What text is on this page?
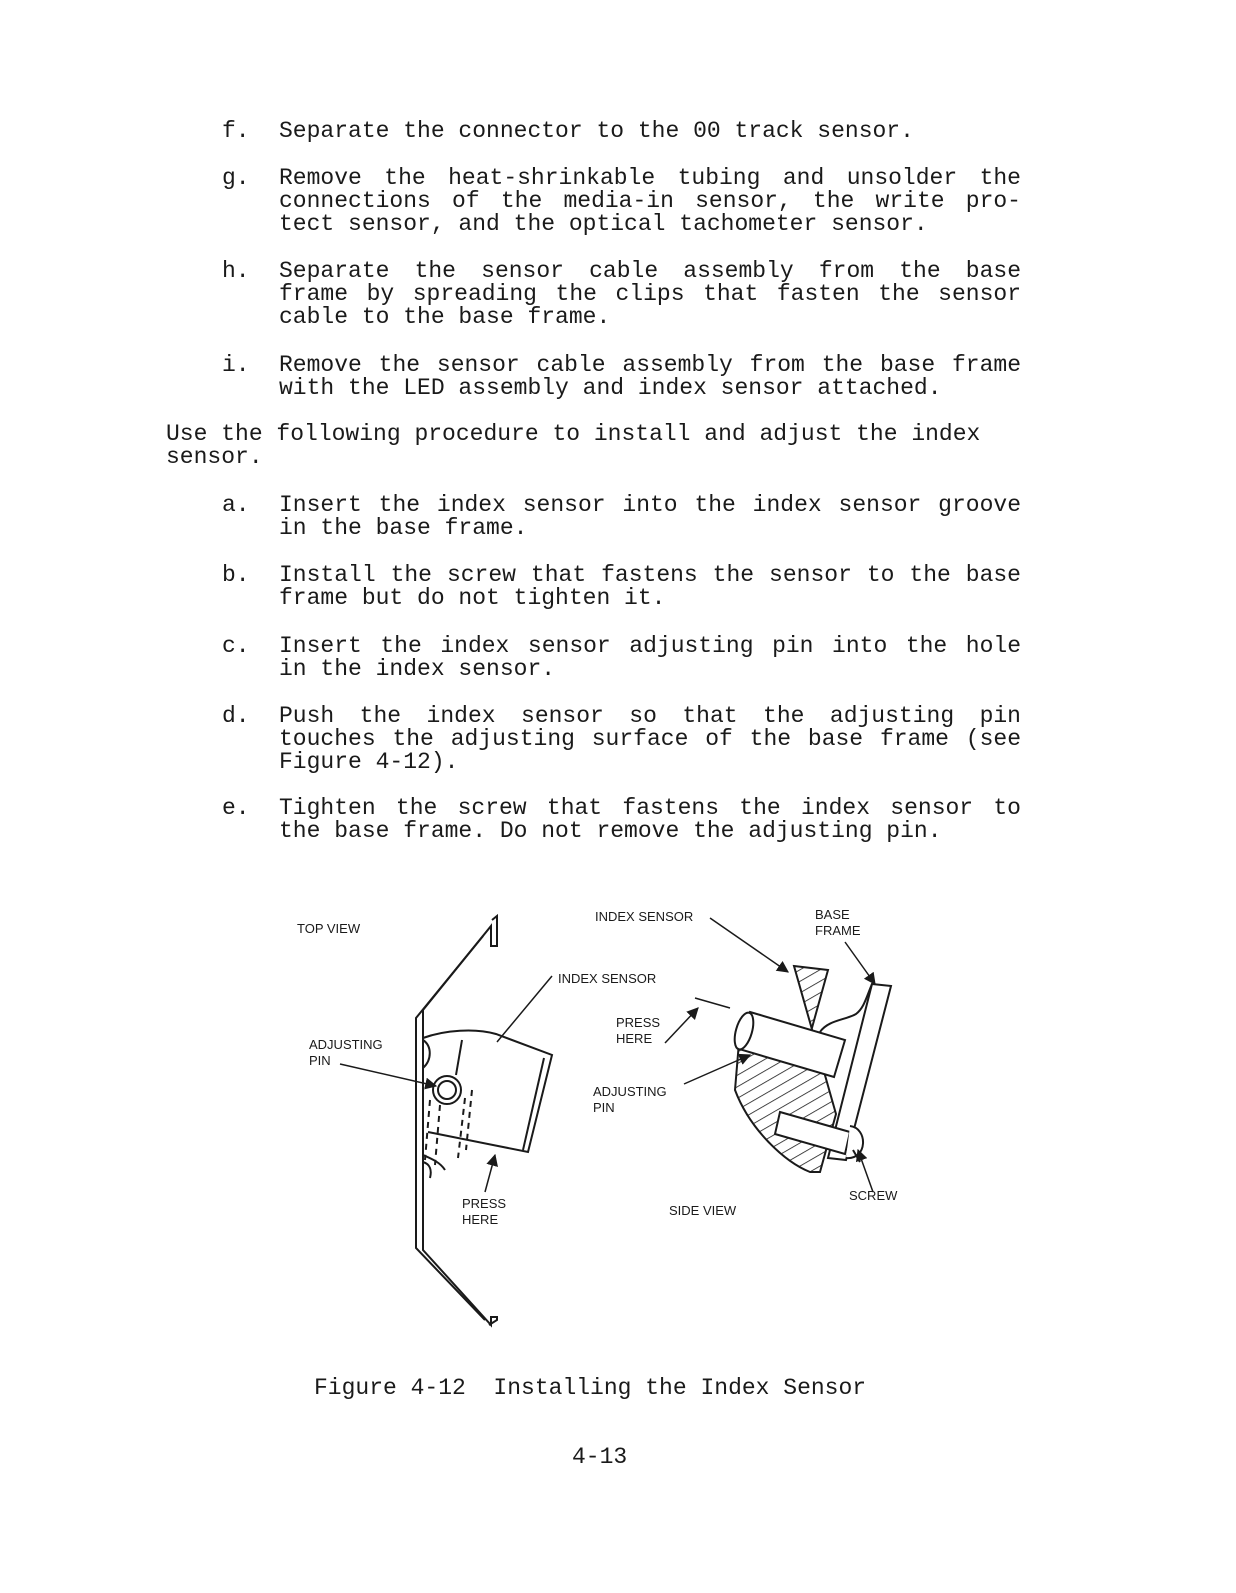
f.	Separate the connector to the 00 track sensor.
g.	Remove the heat-shrinkable tubing and unsolder the connections of the media-in sensor, the write pro-tect sensor, and the optical tachometer sensor.
h.	Separate the sensor cable assembly from the base frame by spreading the clips that fasten the sensor cable to the base frame.
i.	Remove the sensor cable assembly from the base frame with the LED assembly and index sensor attached.
Use the following procedure to install and adjust the index sensor.
a.	Insert the index sensor into the index sensor groove in the base frame.
b.	Install the screw that fastens the sensor to the base frame but do not tighten it.
c.	Insert the index sensor adjusting pin into the hole in the index sensor.
d.	Push the index sensor so that the adjusting pin touches the adjusting surface of the base frame (see Figure 4-12).
e.	Tighten the screw that fastens the index sensor to the base frame. Do not remove the adjusting pin.
TOP VIEW
ADJUSTING
PIN
INDEX SENSOR
PRESS
HERE
INDEX SENSOR	BASE
FRAME
PRESS
HERE
ADJUSTING
PIN
SIDE VIEW
SCREW
Figure 4-12  Installing the Index Sensor
4-13
